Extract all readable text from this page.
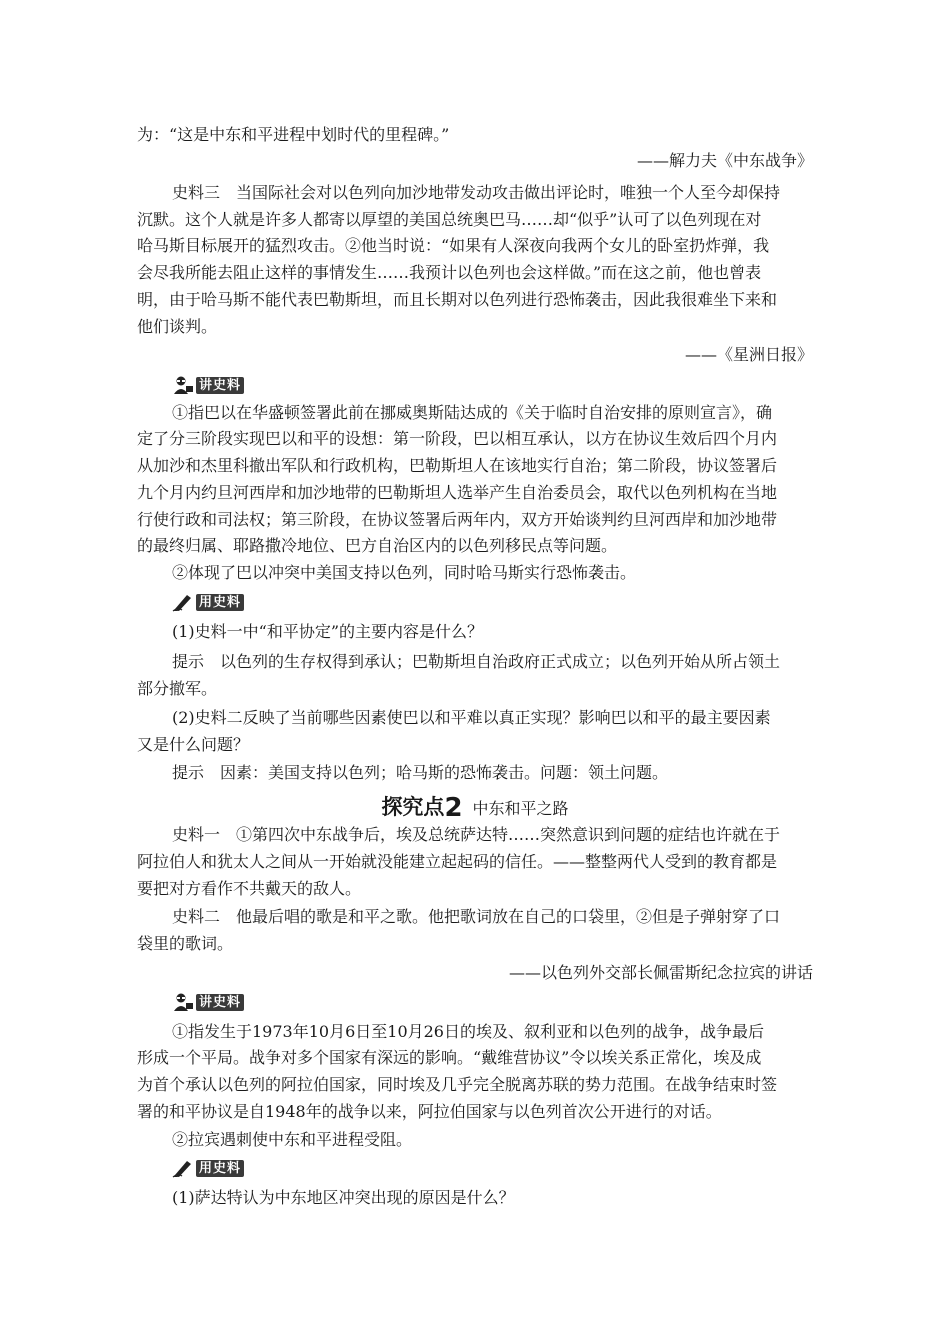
为：“这是中东和平进程中划时代的里程碑。”
——解力夫《中东战争》
史料三　当国际社会对以色列向加沙地带发动攻击做出评论时，唯独一个人至今却保持
沉默。这个人就是许多人都寄以厚望的美国总统奥巴马……却“似乎”认可了以色列现在对
哈马斯目标展开的猛烈攻击。②他当时说：“如果有人深夜向我两个女儿的卧室扔炸弹，我
会尽我所能去阻止这样的事情发生……我预计以色列也会这样做。”而在这之前，他也曾表
明，由于哈马斯不能代表巴勒斯坦，而且长期对以色列进行恐怖袭击，因此我很难坐下来和
他们谈判。
——《星洲日报》
讲史料
①指巴以在华盛顿签署此前在挪威奥斯陆达成的《关于临时自治安排的原则宣言》，确
定了分三阶段实现巴以和平的设想：第一阶段，巴以相互承认，以方在协议生效后四个月内
从加沙和杰里科撤出军队和行政机构，巴勒斯坦人在该地实行自治；第二阶段，协议签署后
九个月内约旦河西岸和加沙地带的巴勒斯坦人选举产生自治委员会，取代以色列机构在当地
行使行政和司法权；第三阶段，在协议签署后两年内，双方开始谈判约旦河西岸和加沙地带
的最终归属、耶路撒冷地位、巴方自治区内的以色列移民点等问题。
②体现了巴以冲突中美国支持以色列，同时哈马斯实行恐怖袭击。
用史料
(1)史料一中“和平协定”的主要内容是什么？
提示　以色列的生存权得到承认；巴勒斯坦自治政府正式成立；以色列开始从所占领土
部分撤军。
(2)史料二反映了当前哪些因素使巴以和平难以真正实现？影响巴以和平的最主要因素
又是什么问题？
提示　因素：美国支持以色列；哈马斯的恐怖袭击。问题：领土问题。
探究点2 中东和平之路
史料一　①第四次中东战争后，埃及总统萨达特……突然意识到问题的症结也许就在于
阿拉伯人和犹太人之间从一开始就没能建立起起码的信任。——整整两代人受到的教育都是
要把对方看作不共戴天的敌人。
史料二　他最后唱的歌是和平之歌。他把歌词放在自己的口袋里，②但是子弹射穿了口
袋里的歌词。
——以色列外交部长佩雷斯纪念拉宾的讲话
讲史料
①指发生于1973年10月6日至10月26日的埃及、叙利亚和以色列的战争，战争最后
形成一个平局。战争对多个国家有深远的影响。“戴维营协议”令以埃关系正常化，埃及成
为首个承认以色列的阿拉伯国家，同时埃及几乎完全脱离苏联的势力范围。在战争结束时签
署的和平协议是自1948年的战争以来，阿拉伯国家与以色列首次公开进行的对话。
②拉宾遇刺使中东和平进程受阻。
用史料
(1)萨达特认为中东地区冲突出现的原因是什么？
